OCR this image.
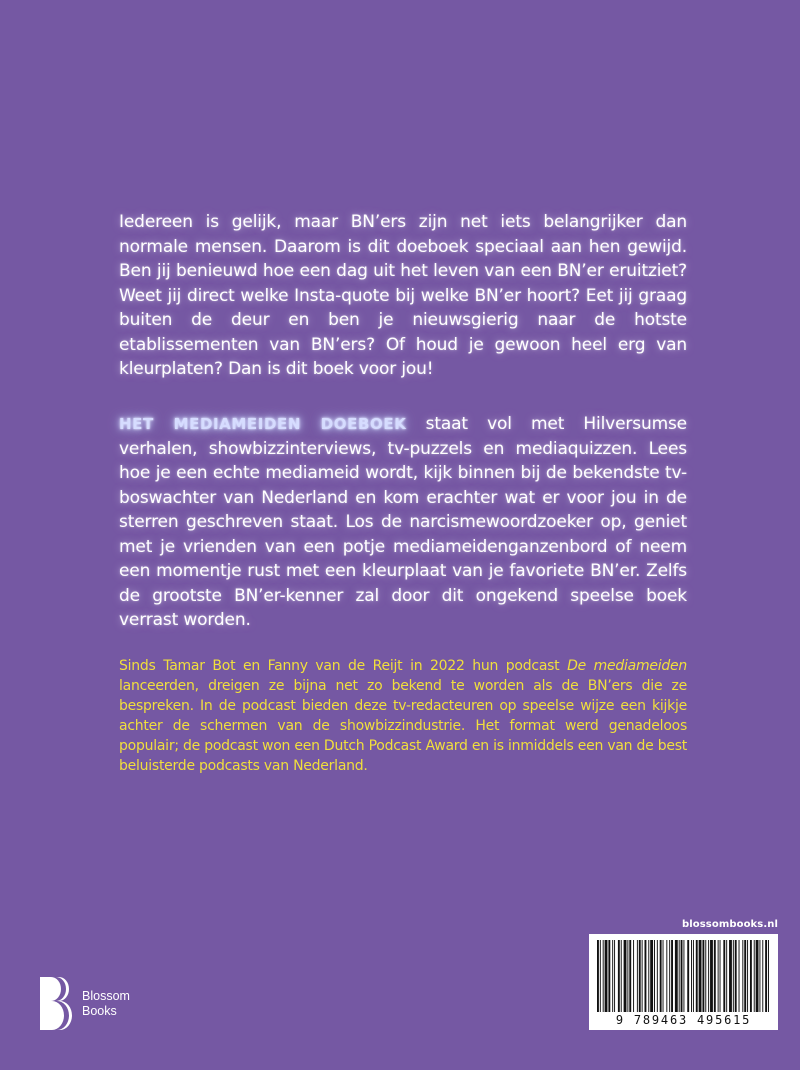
Iedereen is gelijk, maar BN’ers zijn net iets belangrijker dan normale mensen. Daarom is dit doeboek speciaal aan hen gewijd. Ben jij benieuwd hoe een dag uit het leven van een BN’er eruitziet? Weet jij direct welke Insta-quote bij welke BN’er hoort? Eet jij graag buiten de deur en ben je nieuwsgierig naar de hotste etablissementen van BN’ers? Of houd je gewoon heel erg van kleurplaten? Dan is dit boek voor jou!

HET MEDIAMEIDEN DOEBOEK staat vol met Hilversumse verhalen, showbizzinterviews, tv-puzzels en mediaquizzen. Lees hoe je een echte mediameid wordt, kijk binnen bij de bekendste tv-boswachter van Nederland en kom erachter wat er voor jou in de sterren geschreven staat. Los de narcismewoordzoeker op, geniet met je vrienden van een potje mediameidenganzenbord of neem een momentje rust met een kleurplaat van je favoriete BN’er. Zelfs de grootste BN’er-kenner zal door dit ongekend speelse boek verrast worden.

Sinds Tamar Bot en Fanny van de Reijt in 2022 hun podcast De mediameiden lanceerden, dreigen ze bijna net zo bekend te worden als de BN’ers die ze bespreken. In de podcast bieden deze tv-redacteuren op speelse wijze een kijkje achter de schermen van de showbizzindustrie. Het format werd genadeloos populair; de podcast won een Dutch Podcast Award en is inmiddels een van de best beluisterde podcasts van Nederland.

blossombooks.nl
9 789463 495615
Blossom
Books
